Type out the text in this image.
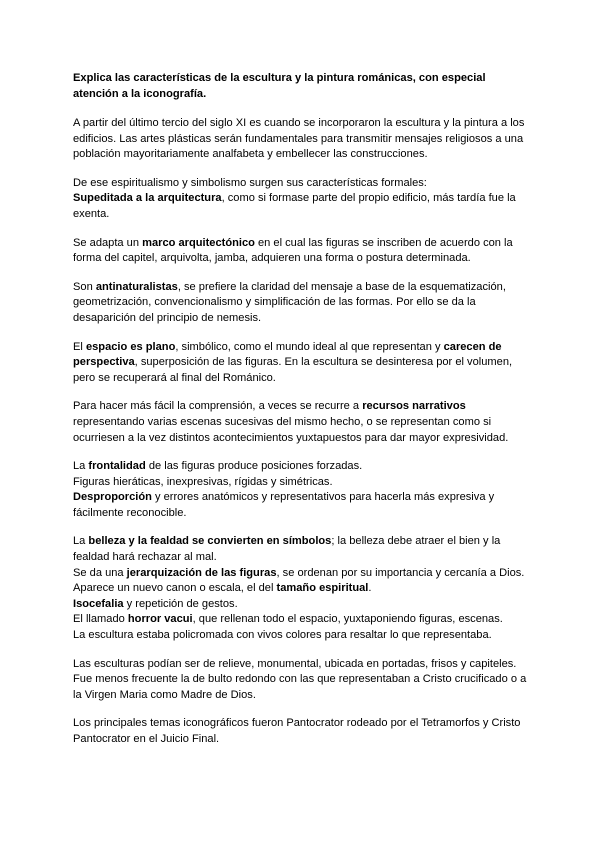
Explica las características de la escultura y la pintura románicas, con especial atención a la iconografía.

A partir del último tercio del siglo XI es cuando se incorporaron la escultura y la pintura a los edificios. Las artes plásticas serán fundamentales para transmitir mensajes religiosos a una población mayoritariamente analfabeta y embellecer las construcciones.

De ese espiritualismo y simbolismo surgen sus características formales:
Supeditada a la arquitectura, como si formase parte del propio edificio, más tardía fue la exenta.

Se adapta un marco arquitectónico en el cual las figuras se inscriben de acuerdo con la forma del capitel, arquivolta, jamba, adquieren una forma o postura determinada.

Son antinaturalistas, se prefiere la claridad del mensaje a base de la esquematización, geometrización, convencionalismo y simplificación de las formas. Por ello se da la desaparición del principio de nemesis.

El espacio es plano, simbólico, como el mundo ideal al que representan y carecen de perspectiva, superposición de las figuras. En la escultura se desinteresa por el volumen, pero se recuperará al final del Románico.

Para hacer más fácil la comprensión, a veces se recurre a recursos narrativos representando varias escenas sucesivas del mismo hecho, o se representan como si ocurriesen a la vez distintos acontecimientos yuxtapuestos para dar mayor expresividad.

La frontalidad de las figuras produce posiciones forzadas.
Figuras hieráticas, inexpresivas, rígidas y simétricas.
Desproporción y errores anatómicos y representativos para hacerla más expresiva y fácilmente reconocible.

La belleza y la fealdad se convierten en símbolos; la belleza debe atraer el bien y la fealdad hará rechazar al mal.
Se da una jerarquización de las figuras, se ordenan por su importancia y cercanía a Dios.
Aparece un nuevo canon o escala, el del tamaño espiritual.
Isocefalia y repetición de gestos.
El llamado horror vacui, que rellenan todo el espacio, yuxtaponiendo figuras, escenas.
La escultura estaba policromada con vivos colores para resaltar lo que representaba.

Las esculturas podían ser de relieve, monumental, ubicada en portadas, frisos y capiteles. Fue menos frecuente la de bulto redondo con las que representaban a Cristo crucificado o a la Virgen Maria como Madre de Dios.

Los principales temas iconográficos fueron Pantocrator rodeado por el Tetramorfos y Cristo Pantocrator en el Juicio Final.
